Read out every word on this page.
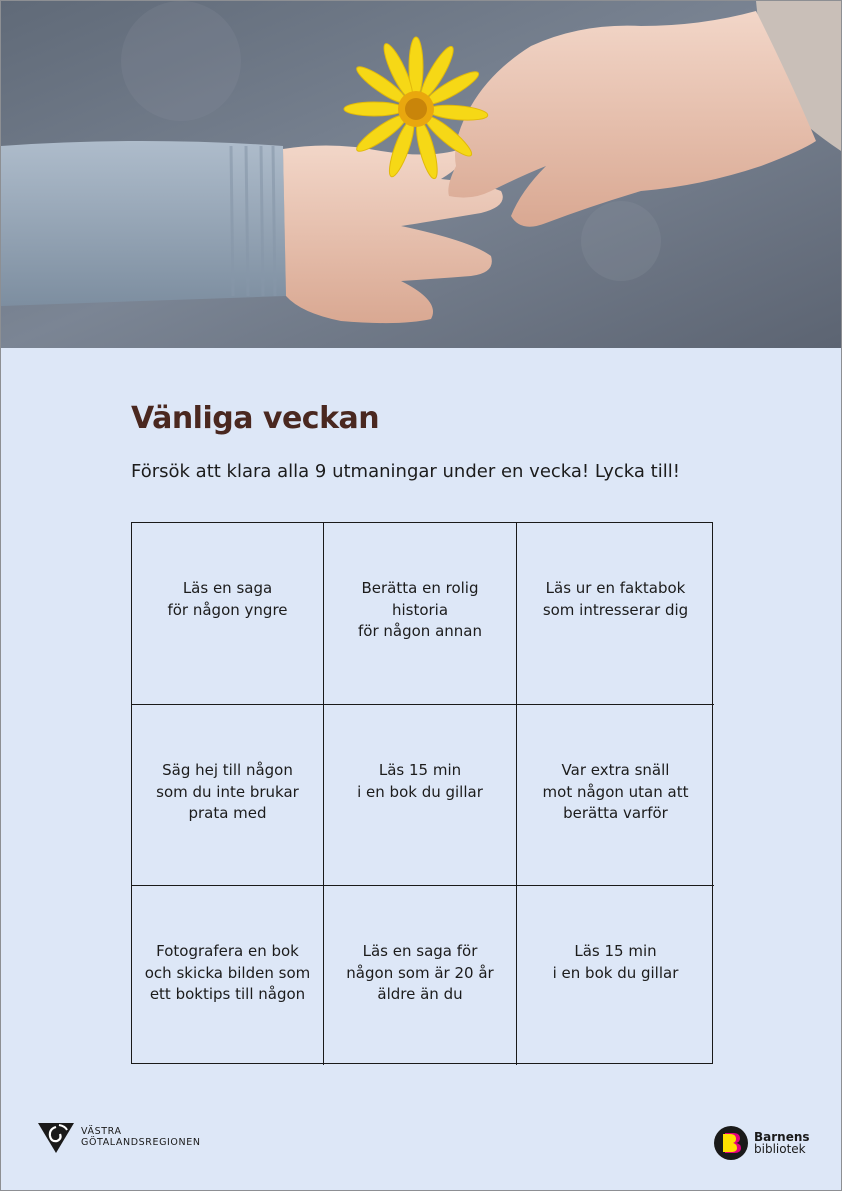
Vänliga veckan
Försök att klara alla 9 utmaningar under en vecka! Lycka till!
Läs en saga
för någon yngre
Berätta en rolig historia
för någon annan
Läs ur en faktabok
som intresserar dig
Säg hej till någon
som du inte brukar
prata med
Läs 15 min
i en bok du gillar
Var extra snäll
mot någon utan att
berätta varför
Fotografera en bok
och skicka bilden som
ett boktips till någon
Läs en saga för
någon som är 20 år
äldre än du
Läs 15 min
i en bok du gillar
VÄSTRA
GÖTALANDSREGIONEN	Barnens
bibliotek
